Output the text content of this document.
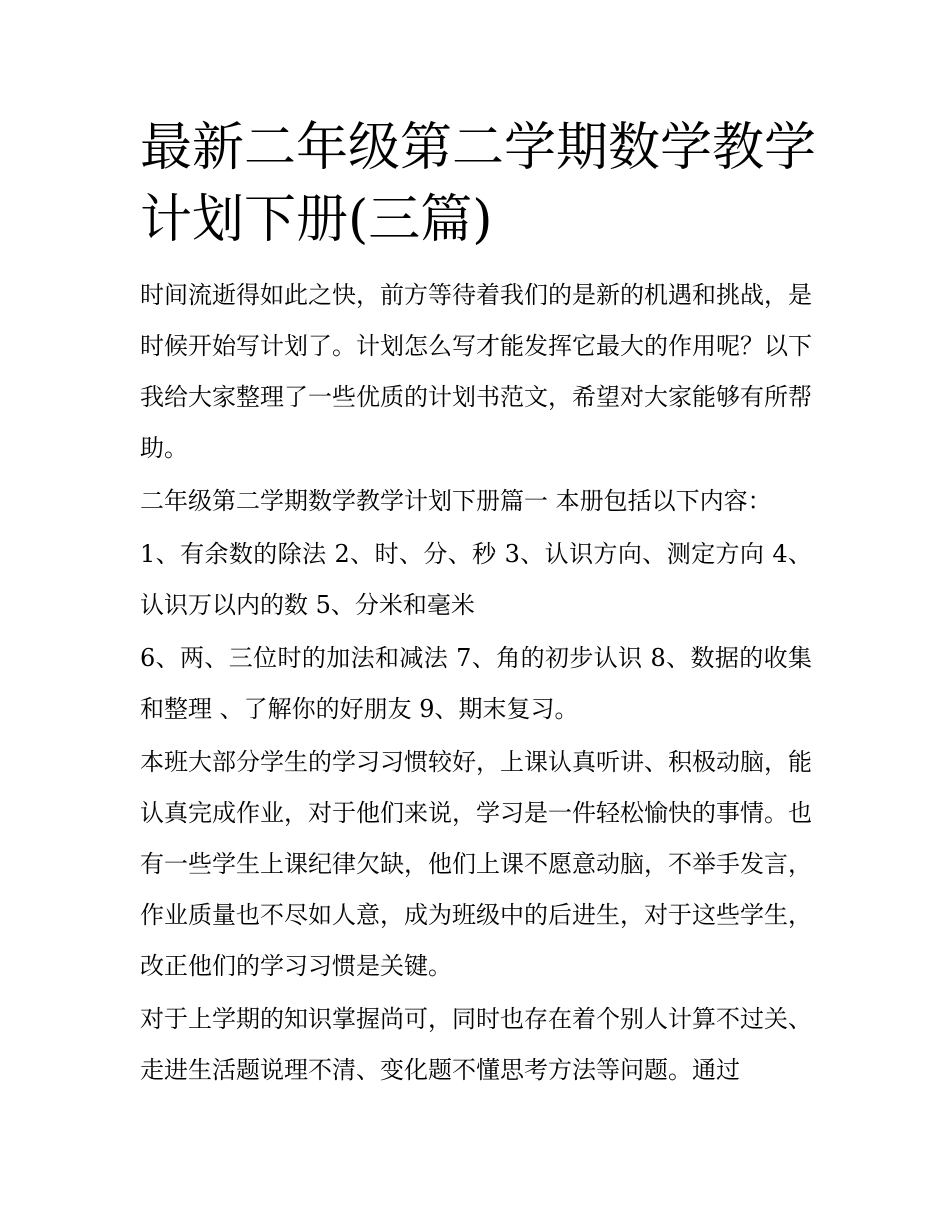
最新二年级第二学期数学教学计划下册(三篇)

时间流逝得如此之快，前方等待着我们的是新的机遇和挑战，是时候开始写计划了。计划怎么写才能发挥它最大的作用呢？以下我给大家整理了一些优质的计划书范文，希望对大家能够有所帮助。

二年级第二学期数学教学计划下册篇一 本册包括以下内容：

1、有余数的除法 2、时、分、秒 3、认识方向、测定方向 4、认识万以内的数 5、分米和毫米

6、两、三位时的加法和减法 7、角的初步认识 8、数据的收集和整理 、了解你的好朋友 9、期末复习。

本班大部分学生的学习习惯较好，上课认真听讲、积极动脑，能认真完成作业，对于他们来说，学习是一件轻松愉快的事情。也有一些学生上课纪律欠缺，他们上课不愿意动脑，不举手发言，作业质量也不尽如人意，成为班级中的后进生，对于这些学生，改正他们的学习习惯是关键。

对于上学期的知识掌握尚可，同时也存在着个别人计算不过关、走进生活题说理不清、变化题不懂思考方法等问题。通过
